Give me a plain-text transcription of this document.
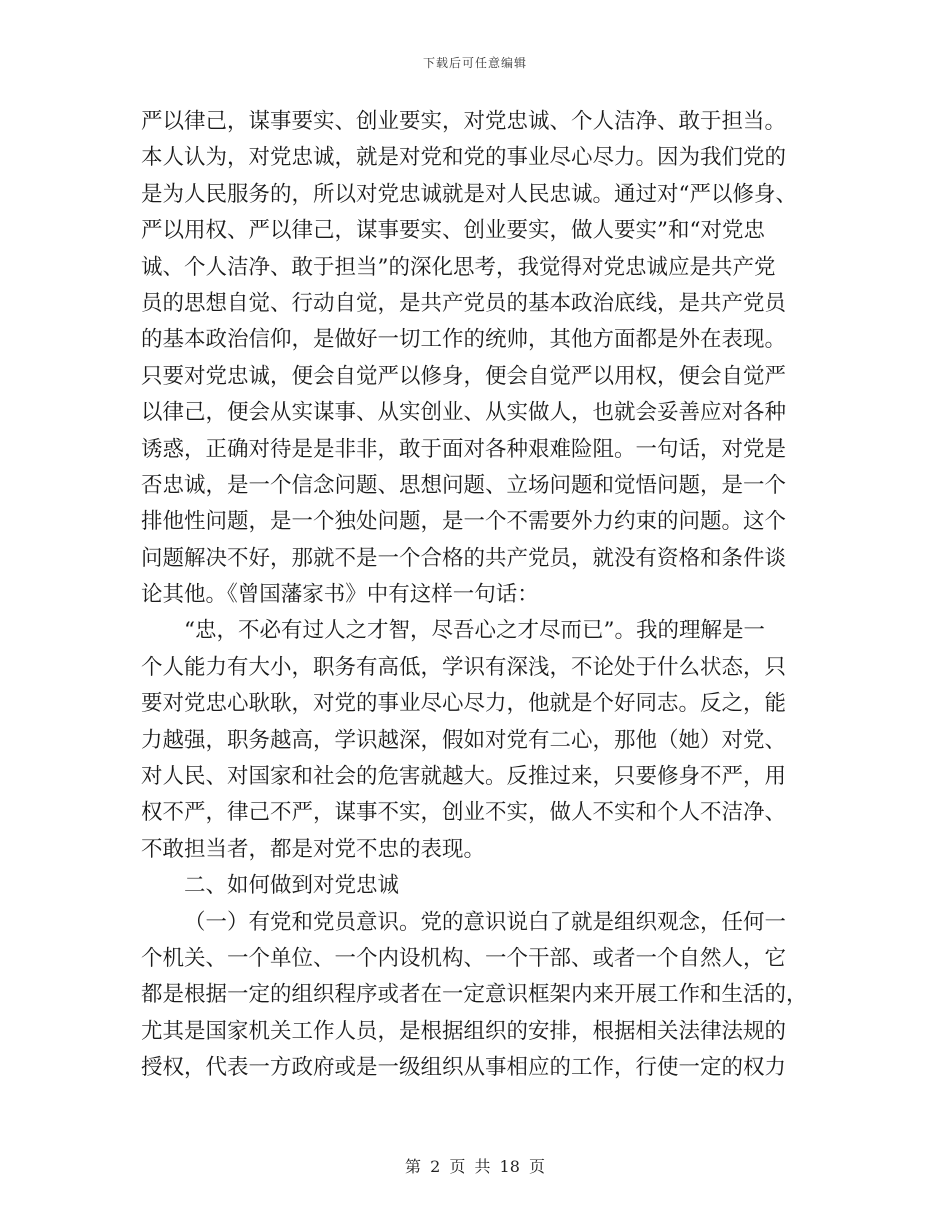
下载后可任意编辑
严以律己，谋事要实、创业要实，对党忠诚、个人洁净、敢于担当。
本人认为，对党忠诚，就是对党和党的事业尽心尽力。因为我们党的
是为人民服务的，所以对党忠诚就是对人民忠诚。通过对“严以修身、
严以用权、严以律己，谋事要实、创业要实，做人要实”和“对党忠
诚、个人洁净、敢于担当”的深化思考，我觉得对党忠诚应是共产党
员的思想自觉、行动自觉，是共产党员的基本政治底线，是共产党员
的基本政治信仰，是做好一切工作的统帅，其他方面都是外在表现。
只要对党忠诚，便会自觉严以修身，便会自觉严以用权，便会自觉严
以律己，便会从实谋事、从实创业、从实做人，也就会妥善应对各种
诱惑，正确对待是是非非，敢于面对各种艰难险阻。一句话，对党是
否忠诚，是一个信念问题、思想问题、立场问题和觉悟问题，是一个
排他性问题，是一个独处问题，是一个不需要外力约束的问题。这个
问题解决不好，那就不是一个合格的共产党员，就没有资格和条件谈
论其他。《曾国藩家书》中有这样一句话：
“忠，不必有过人之才智，尽吾心之才尽而已”。我的理解是一
个人能力有大小，职务有高低，学识有深浅，不论处于什么状态，只
要对党忠心耿耿，对党的事业尽心尽力，他就是个好同志。反之，能
力越强，职务越高，学识越深，假如对党有二心，那他（她）对党、
对人民、对国家和社会的危害就越大。反推过来，只要修身不严，用
权不严，律己不严，谋事不实，创业不实，做人不实和个人不洁净、
不敢担当者，都是对党不忠的表现。
二、如何做到对党忠诚
（一）有党和党员意识。党的意识说白了就是组织观念，任何一
个机关、一个单位、一个内设机构、一个干部、或者一个自然人，它
都是根据一定的组织程序或者在一定意识框架内来开展工作和生活的，
尤其是国家机关工作人员，是根据组织的安排，根据相关法律法规的
授权，代表一方政府或是一级组织从事相应的工作，行使一定的权力
第 2 页 共 18 页
